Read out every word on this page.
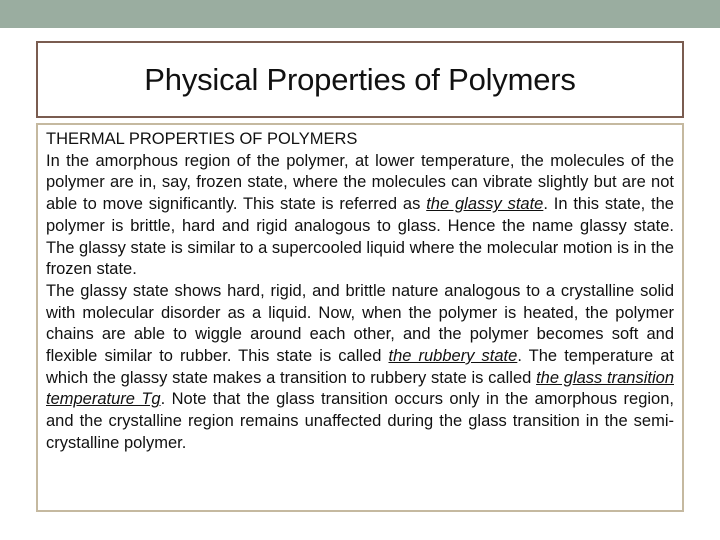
Physical Properties of Polymers
THERMAL PROPERTIES OF POLYMERS

In the amorphous region of the polymer, at lower temperature, the molecules of the polymer are in, say, frozen state, where the molecules can vibrate slightly but are not able to move significantly. This state is referred as the glassy state. In this state, the polymer is brittle, hard and rigid analogous to glass. Hence the name glassy state. The glassy state is similar to a supercooled liquid where the molecular motion is in the frozen state.

The glassy state shows hard, rigid, and brittle nature analogous to a crystalline solid with molecular disorder as a liquid. Now, when the polymer is heated, the polymer chains are able to wiggle around each other, and the polymer becomes soft and flexible similar to rubber. This state is called the rubbery state. The temperature at which the glassy state makes a transition to rubbery state is called the glass transition temperature Tg. Note that the glass transition occurs only in the amorphous region, and the crystalline region remains unaffected during the glass transition in the semi-crystalline polymer.
